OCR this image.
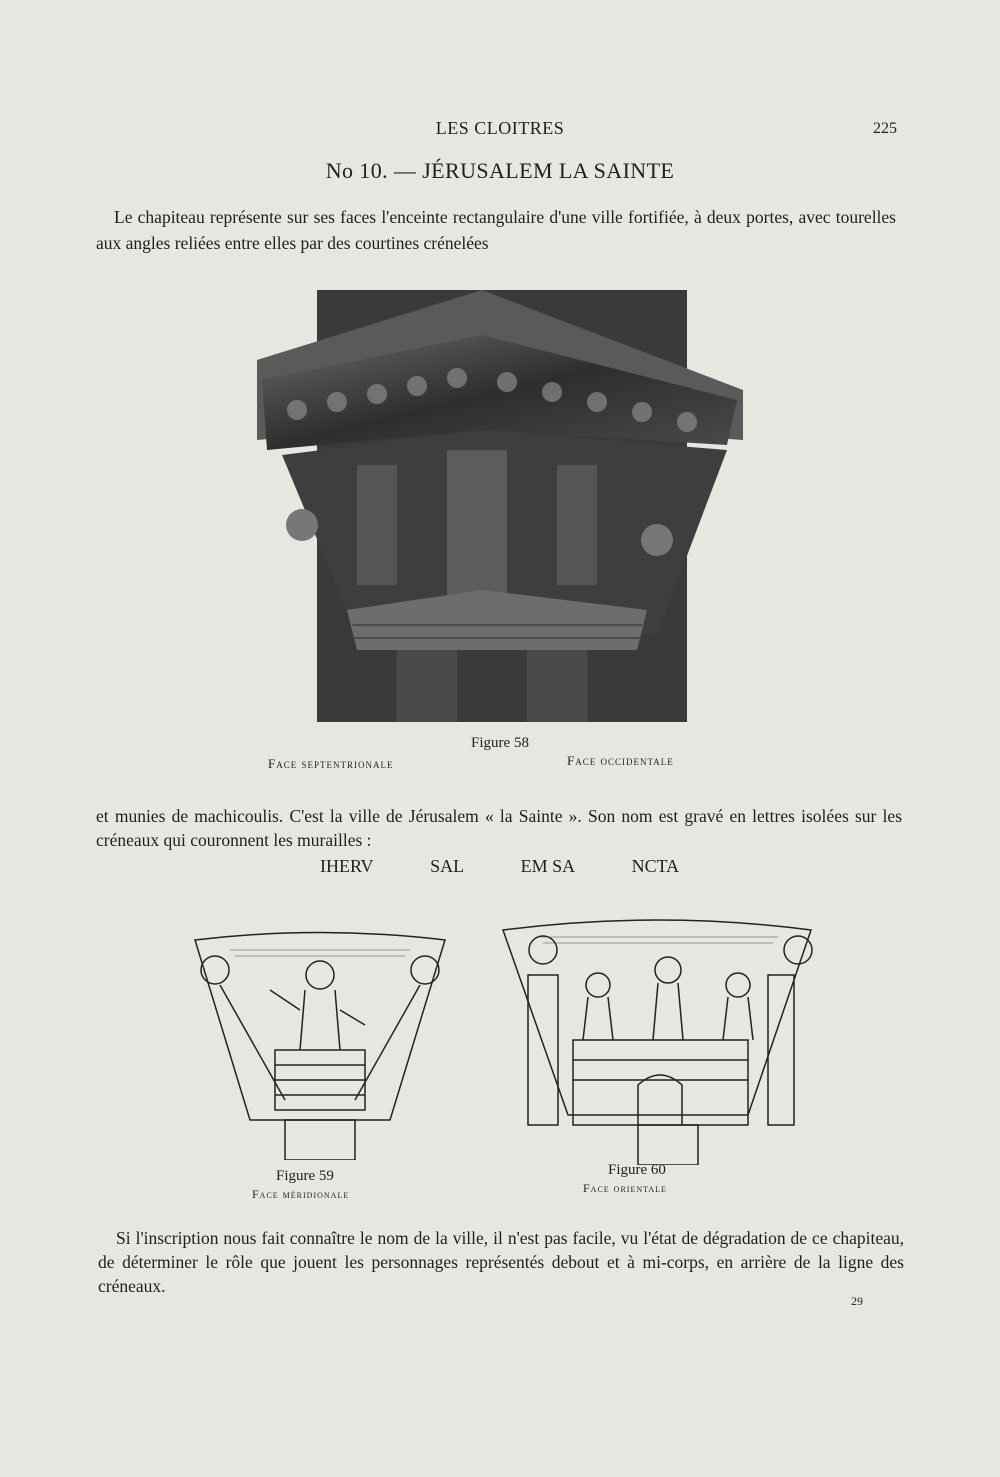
LES CLOITRES	225
No 10. — JÉRUSALEM LA SAINTE
Le chapiteau représente sur ses faces l'enceinte rectangulaire d'une ville fortifiée, à deux portes, avec tourelles aux angles reliées entre elles par des courtines crénelées
Figure 58
Face septentrionale	Face occidentale
et munies de machicoulis. C'est la ville de Jérusalem « la Sainte ». Son nom est gravé en lettres isolées sur les créneaux qui couronnent les murailles :
IHERV	SAL	EM SA	NCTA
Figure 59
Face méridionale
Figure 60
Face orientale
Si l'inscription nous fait connaître le nom de la ville, il n'est pas facile, vu l'état de dégradation de ce chapiteau, de déterminer le rôle que jouent les personnages représentés debout et à mi-corps, en arrière de la ligne des créneaux.
29
